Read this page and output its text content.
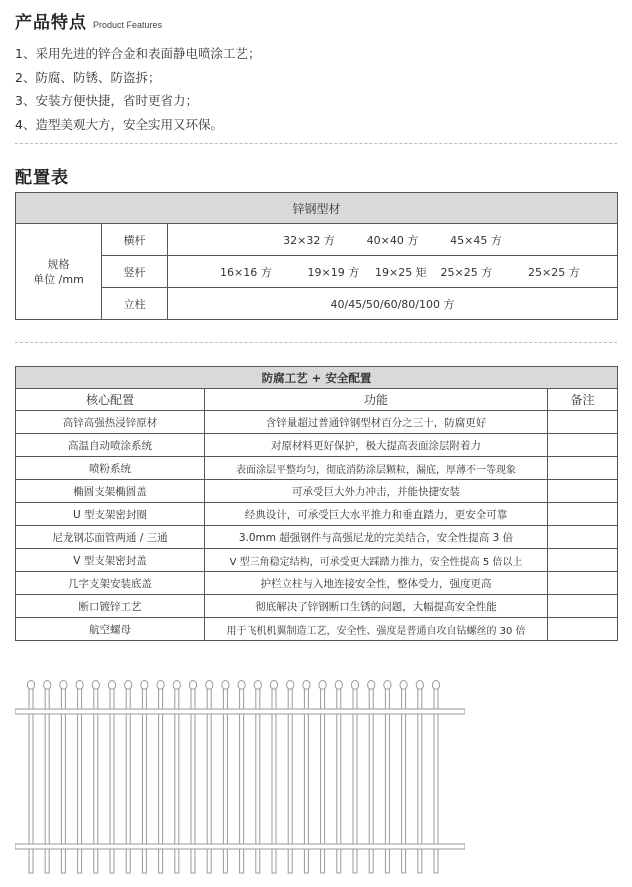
产品特点 Product Features
1、采用先进的锌合金和表面静电喷涂工艺；
2、防腐、防锈、防盗拆；
3、安装方便快捷，省时更省力；
4、造型美观大方，安全实用又环保。
配置表
锌钢型材		
规格
单位 /mm	横杆	32×32 方 40×40 方 45×45 方
	竖杆	16×16 方 19×19 方 19×25 矩 25×25 方 25×25 方
	立柱	40/45/50/60/80/100 方
防腐工艺 + 安全配置		
核心配置	功能	备注
高锌高强热浸锌原材	含锌量超过普通锌钢型材百分之三十，防腐更好	
高温自动喷涂系统	对原材料更好保护，极大提高表面涂层附着力	
喷粉系统	表面涂层平整均匀，彻底消防涂层颗粒，漏底，厚薄不一等现象	
椭圆支架椭圆盖	可承受巨大外力冲击，并能快捷安装	
U 型支架密封圈	经典设计，可承受巨大水平推力和垂直踏力，更安全可靠	
尼龙钢芯面管两通 / 三通	3.0mm 超强钢件与高强尼龙的完美结合，安全性提高 3 倍	
V 型支架密封盖	V 型三角稳定结构，可承受更大踩踏力推力，安全性提高 5 倍以上	
几字支架安装底盖	护栏立柱与入地连接安全性，整体受力，强度更高	
断口镀锌工艺	彻底解决了锌钢断口生锈的问题，大幅提高安全性能	
航空螺母	用于飞机机翼制造工艺，安全性、强度是普通自攻自钻螺丝的 30 倍	
